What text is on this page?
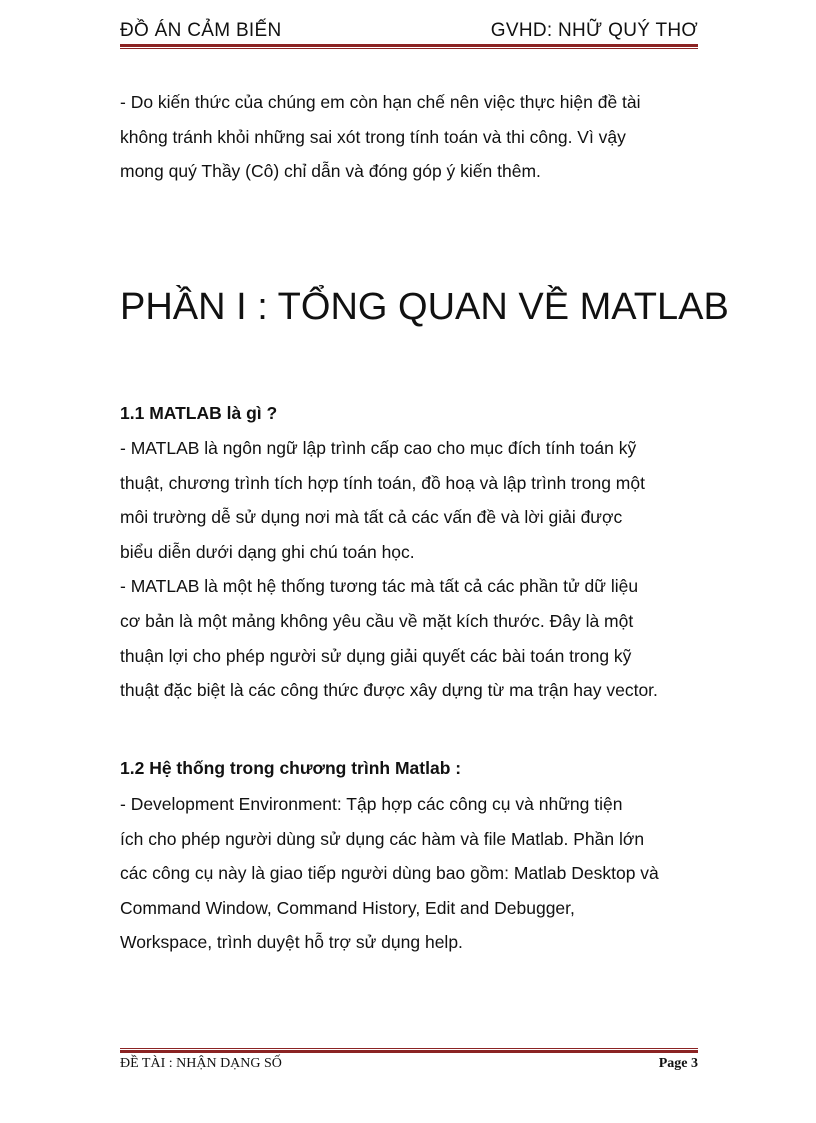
ĐỒ ÁN CẢM BIẾN	GVHD: NHỮ QUÝ THƠ

- Do kiến thức của chúng em còn hạn chế nên việc thực hiện đề tài
không tránh khỏi những sai xót trong tính toán và thi công. Vì vậy
mong quý Thầy (Cô) chỉ dẫn và đóng góp ý kiến thêm.

PHẦN I : TỔNG QUAN VỀ MATLAB
1.1 MATLAB là gì ?

- MATLAB là ngôn ngữ lập trình cấp cao cho mục đích tính toán kỹ
thuật, chương trình tích hợp tính toán, đồ hoạ và lập trình trong một
môi trường dễ sử dụng nơi mà tất cả các vấn đề và lời giải được
biểu diễn dưới dạng ghi chú toán học.
- MATLAB là một hệ thống tương tác mà tất cả các phần tử dữ liệu
cơ bản là một mảng không yêu cầu về mặt kích thước. Đây là một
thuận lợi cho phép người sử dụng giải quyết các bài toán trong kỹ
thuật đặc biệt là các công thức được xây dựng từ ma trận hay vector.

1.2 Hệ thống trong chương trình Matlab :

- Development Environment: Tập hợp các công cụ và những tiện
ích cho phép người dùng sử dụng các hàm và file Matlab. Phần lớn
các công cụ này là giao tiếp người dùng bao gồm: Matlab Desktop và
Command Window, Command History, Edit and Debugger,
Workspace, trình duyệt hỗ trợ sử dụng help.

ĐỀ TÀI : NHẬN DẠNG SỐ	Page 3
